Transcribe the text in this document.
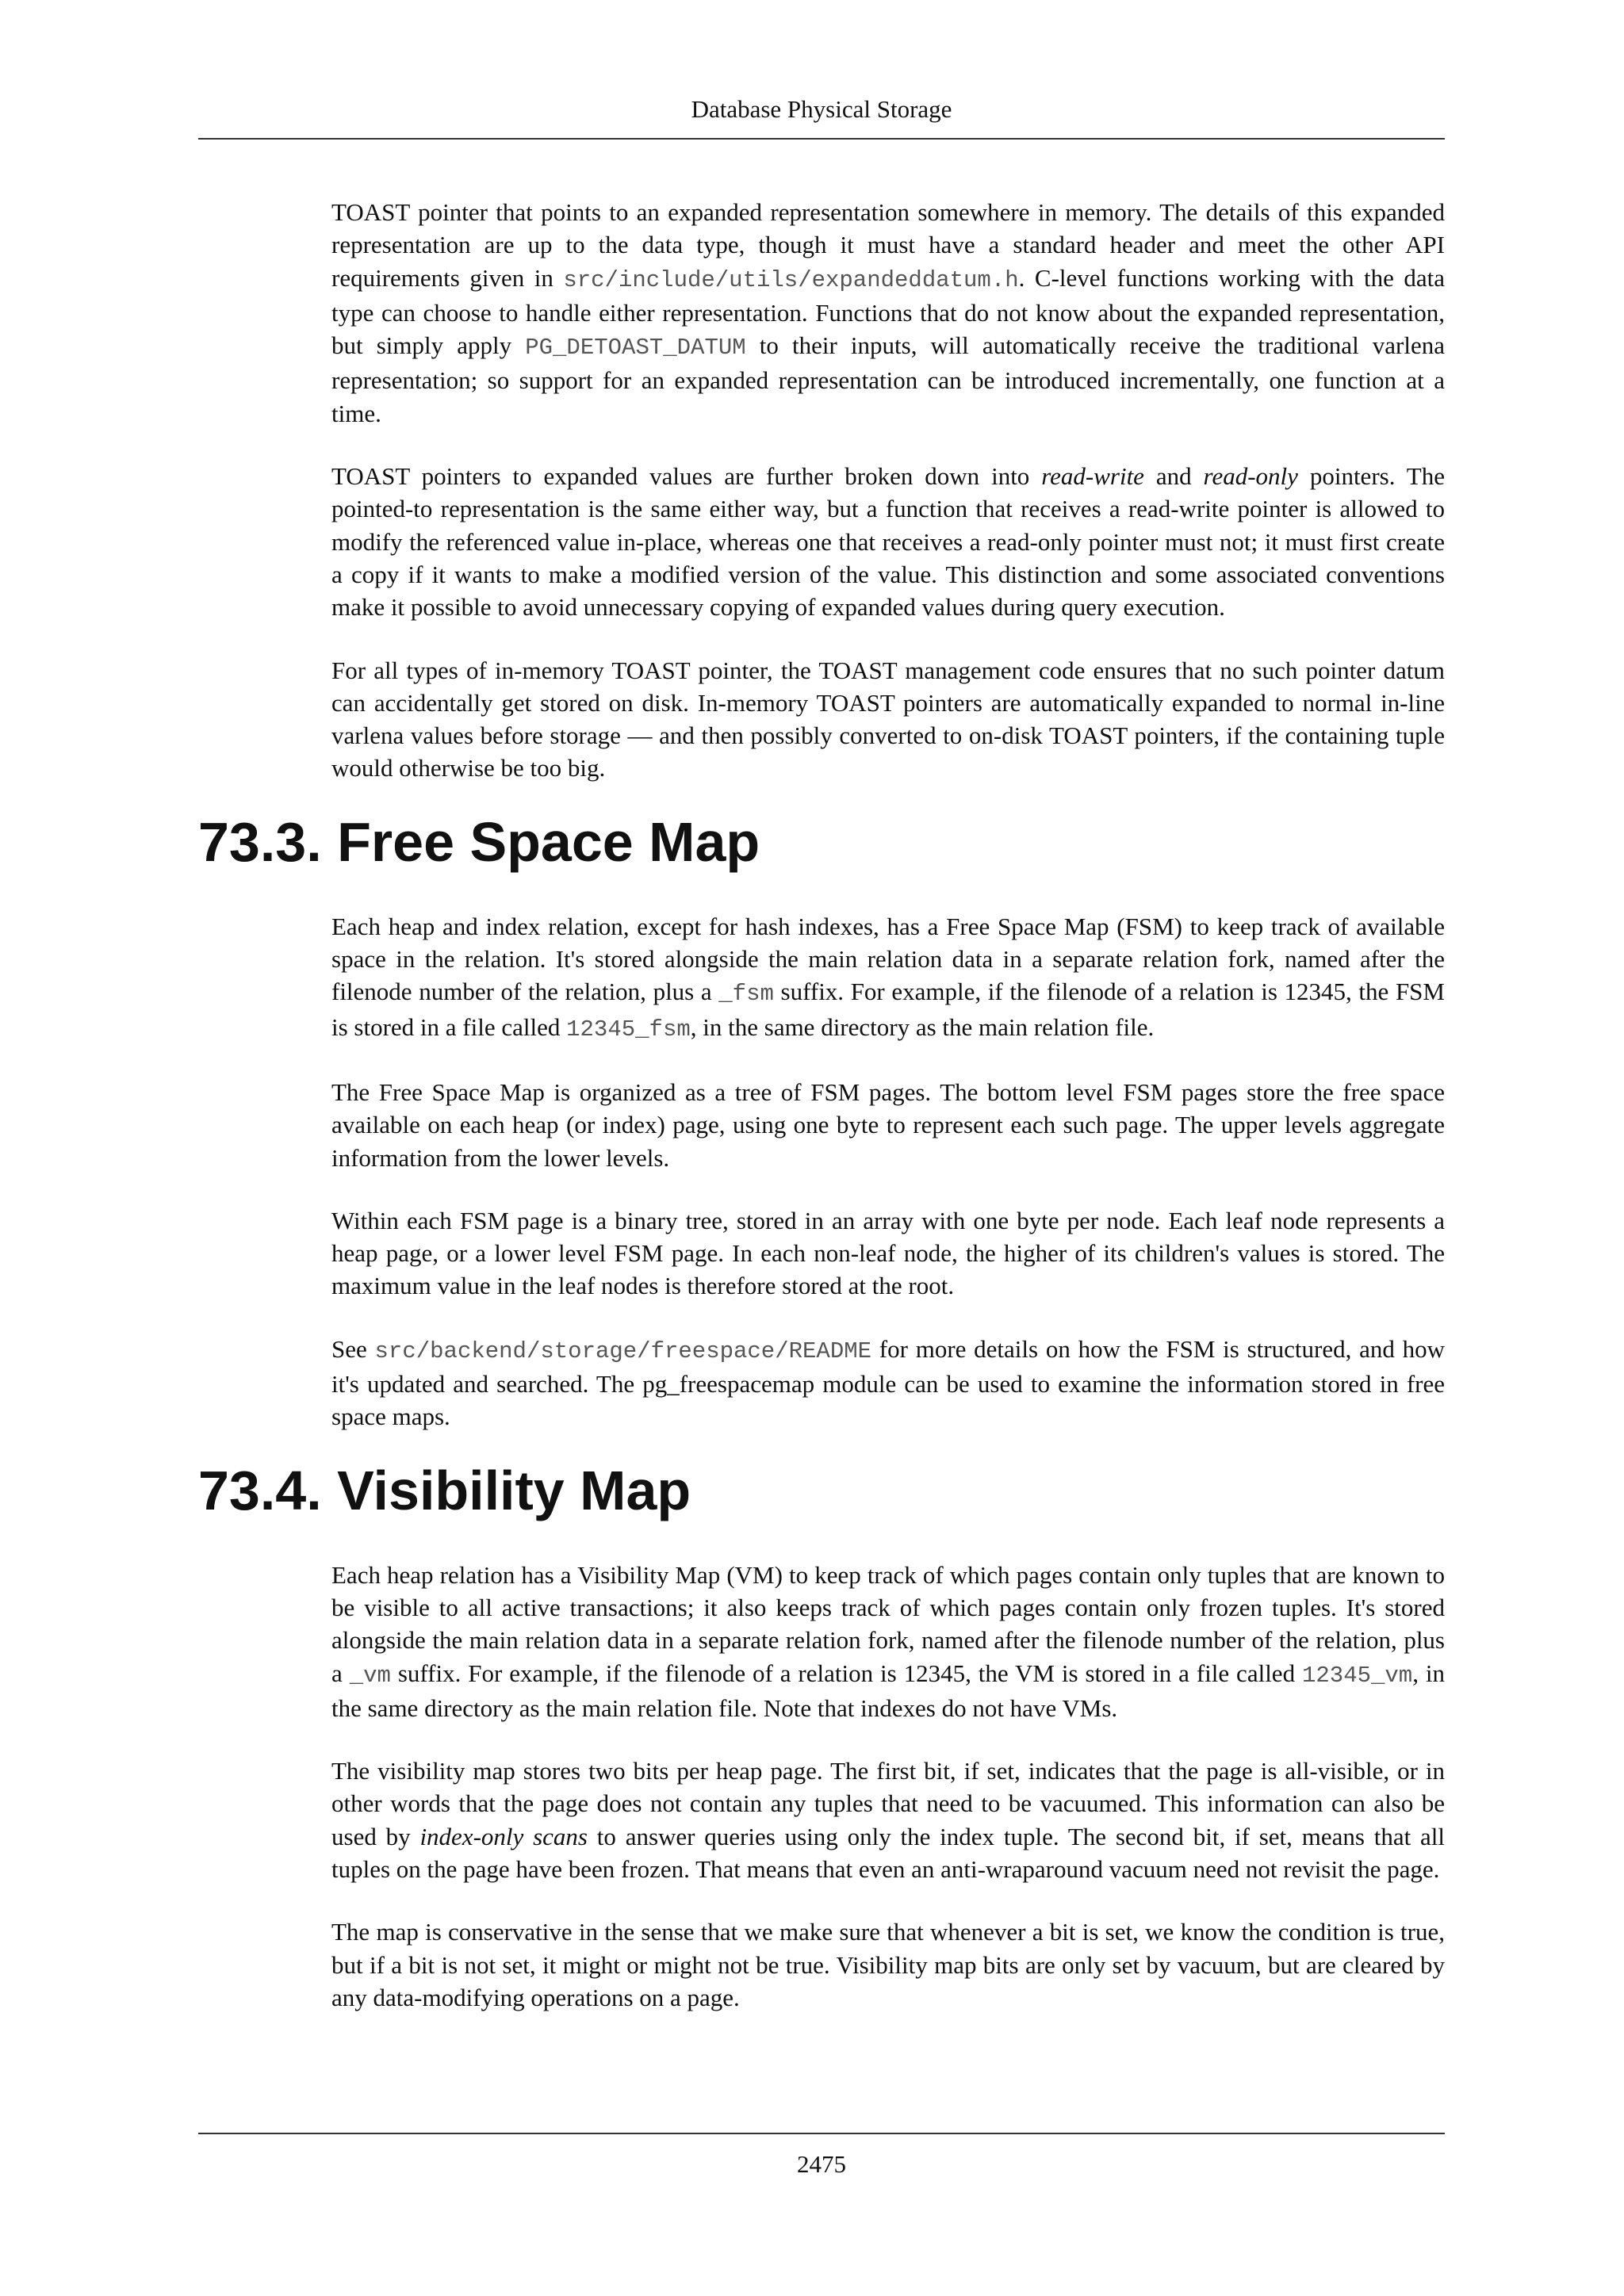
Database Physical Storage

TOAST pointer that points to an expanded representation somewhere in memory. The details of this expanded representation are up to the data type, though it must have a standard header and meet the other API requirements given in src/include/utils/expandeddatum.h. C-level functions working with the data type can choose to handle either representation. Functions that do not know about the expanded representation, but simply apply PG_DETOAST_DATUM to their inputs, will automatically receive the traditional varlena representation; so support for an expanded representation can be introduced incrementally, one function at a time.

TOAST pointers to expanded values are further broken down into read-write and read-only pointers. The pointed-to representation is the same either way, but a function that receives a read-write pointer is allowed to modify the referenced value in-place, whereas one that receives a read-only pointer must not; it must first create a copy if it wants to make a modified version of the value. This distinction and some associated conventions make it possible to avoid unnecessary copying of expanded values during query execution.

For all types of in-memory TOAST pointer, the TOAST management code ensures that no such pointer datum can accidentally get stored on disk. In-memory TOAST pointers are automatically expanded to normal in-line varlena values before storage — and then possibly converted to on-disk TOAST pointers, if the containing tuple would otherwise be too big.

73.3. Free Space Map

Each heap and index relation, except for hash indexes, has a Free Space Map (FSM) to keep track of available space in the relation. It's stored alongside the main relation data in a separate relation fork, named after the filenode number of the relation, plus a _fsm suffix. For example, if the filenode of a relation is 12345, the FSM is stored in a file called 12345_fsm, in the same directory as the main relation file.

The Free Space Map is organized as a tree of FSM pages. The bottom level FSM pages store the free space available on each heap (or index) page, using one byte to represent each such page. The upper levels aggregate information from the lower levels.

Within each FSM page is a binary tree, stored in an array with one byte per node. Each leaf node represents a heap page, or a lower level FSM page. In each non-leaf node, the higher of its children's values is stored. The maximum value in the leaf nodes is therefore stored at the root.

See src/backend/storage/freespace/README for more details on how the FSM is structured, and how it's updated and searched. The pg_freespacemap module can be used to examine the information stored in free space maps.

73.4. Visibility Map

Each heap relation has a Visibility Map (VM) to keep track of which pages contain only tuples that are known to be visible to all active transactions; it also keeps track of which pages contain only frozen tuples. It's stored alongside the main relation data in a separate relation fork, named after the filenode number of the relation, plus a _vm suffix. For example, if the filenode of a relation is 12345, the VM is stored in a file called 12345_vm, in the same directory as the main relation file. Note that indexes do not have VMs.

The visibility map stores two bits per heap page. The first bit, if set, indicates that the page is all-visible, or in other words that the page does not contain any tuples that need to be vacuumed. This information can also be used by index-only scans to answer queries using only the index tuple. The second bit, if set, means that all tuples on the page have been frozen. That means that even an anti-wraparound vacuum need not revisit the page.

The map is conservative in the sense that we make sure that whenever a bit is set, we know the condition is true, but if a bit is not set, it might or might not be true. Visibility map bits are only set by vacuum, but are cleared by any data-modifying operations on a page.

2475
